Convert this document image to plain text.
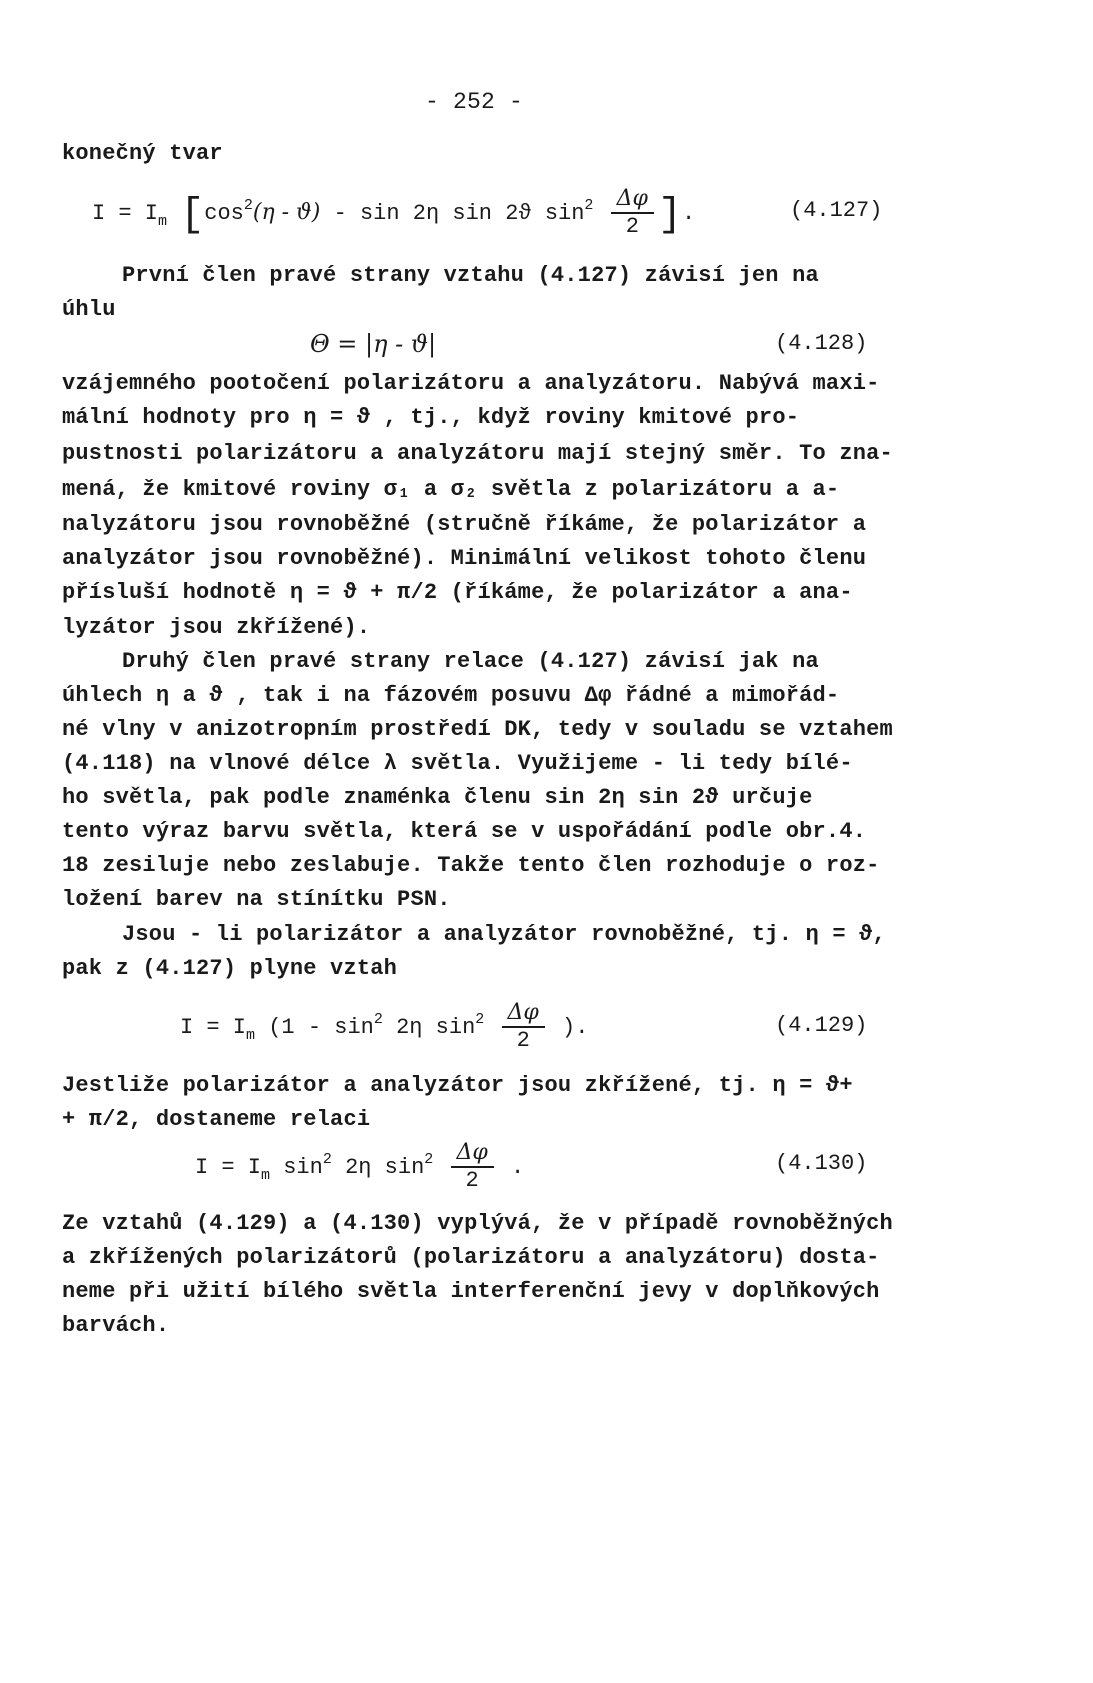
- 252 -
konečný tvar
$I = I_m$ [$\cos^2(\eta - ϑ)$ - sin 2η sin 2ϑ $\sin^2 \frac{\Delta\varphi}{2}$ ].	(4.127)
První člen pravé strany vztahu (4.127) závisí jen na
úhlu
Θ = |η - ϑ|	(4.128)
vzájemného pootočení polarizátoru a analyzátoru. Nabývá maxi-
mální hodnoty pro η = ϑ , tj., když roviny kmitové pro-
pustnosti polarizátoru a analyzátoru mají stejný směr. To zna-
mená, že kmitové roviny σ₁ a σ₂ světla z polarizátoru a a-
nalyzátoru jsou rovnoběžné (stručně říkáme, že polarizátor a
analyzátor jsou rovnoběžné). Minimální velikost tohoto členu
přísluší hodnotě η = ϑ + π/2 (říkáme, že polarizátor a ana-
lyzátor jsou zkřížené).
Druhý člen pravé strany relace (4.127) závisí jak na
úhlech η a ϑ , tak i na fázovém posuvu Δφ řádné a mimořád-
né vlny v anizotropním prostředí DK, tedy v souladu se vztahem
(4.118) na vlnové délce λ světla. Využijeme - li tedy bílé-
ho světla, pak podle znaménka členu sin 2η sin 2ϑ určuje
tento výraz barvu světla, která se v uspořádání podle obr.4.
18 zesiluje nebo zeslabuje. Takže tento člen rozhoduje o roz-
ložení barev na stínítku PSN.
Jsou - li polarizátor a analyzátor rovnoběžné, tj. η = ϑ,
pak z (4.127) plyne vztah
$I = I_m$ ($1 - \sin^2 2\eta$ $\sin^2 \frac{\Delta\varphi}{2}$ ).	(4.129)
Jestliže polarizátor a analyzátor jsou zkřížené, tj. η = ϑ+
+ π/2, dostaneme relaci
$I = I_m$ $\sin^2 2\eta$ $\sin^2 \frac{\Delta\varphi}{2}$ .	(4.130)
Ze vztahů (4.129) a (4.130) vyplývá, že v případě rovnoběžných
a zkřížených polarizátorů (polarizátoru a analyzátoru) dosta-
neme při užití bílého světla interferenční jevy v doplňkových
barvách.
